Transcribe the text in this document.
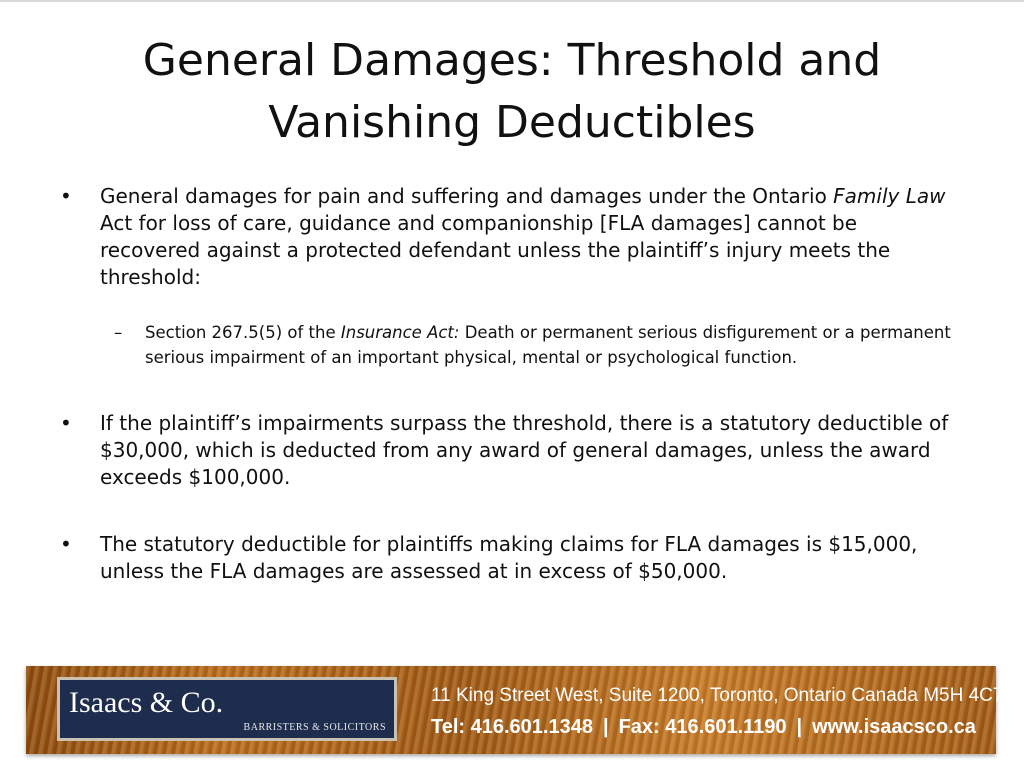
General Damages: Threshold and
Vanishing Deductibles

•	General damages for pain and suffering and damages under the Ontario Family Law Act for loss of care, guidance and companionship [FLA damages] cannot be recovered against a protected defendant unless the plaintiff’s injury meets the threshold:

– Section 267.5(5) of the Insurance Act: Death or permanent serious disfigurement or a permanent serious impairment of an important physical, mental or psychological function.

•	If the plaintiff’s impairments surpass the threshold, there is a statutory deductible of $30,000, which is deducted from any award of general damages, unless the award exceeds $100,000.

•	The statutory deductible for plaintiffs making claims for FLA damages is $15,000, unless the FLA damages are assessed at in excess of $50,000.

Isaacs & Co.
BARRISTERS & SOLICITORS
11 King Street West, Suite 1200, Toronto, Ontario Canada M5H 4C7
Tel: 416.601.1348 | Fax: 416.601.1190 | www.isaacsco.ca
